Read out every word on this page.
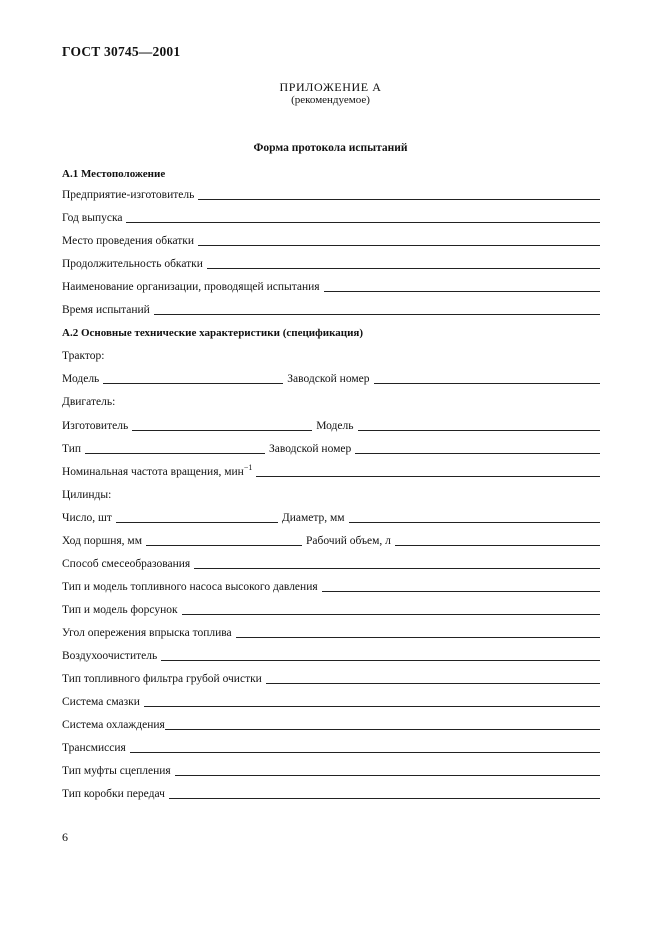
ГОСТ 30745—2001
ПРИЛОЖЕНИЕ А
(рекомендуемое)
Форма протокола испытаний
А.1 Местоположение
Предприятие-изготовитель
Год выпуска
Место проведения обкатки
Продолжительность обкатки
Наименование организации, проводящей испытания
Время испытаний
А.2 Основные технические характеристики (спецификация)
Трактор:
Модель	Заводской номер
Двигатель:
Изготовитель	Модель
Тип	Заводской номер
Номинальная частота вращения, мин$^{-1}$
Цилинды:
Число, шт	Диаметр, мм
Ход поршня, мм	Рабочий объем, л
Способ смесеобразования
Тип и модель топливного насоса высокого давления
Тип и модель форсунок
Угол опережения впрыска топлива
Воздухоочиститель
Тип топливного фильтра грубой очистки
Система смазки
Система охлаждения
Трансмиссия
Тип муфты сцепления
Тип коробки передач
6
